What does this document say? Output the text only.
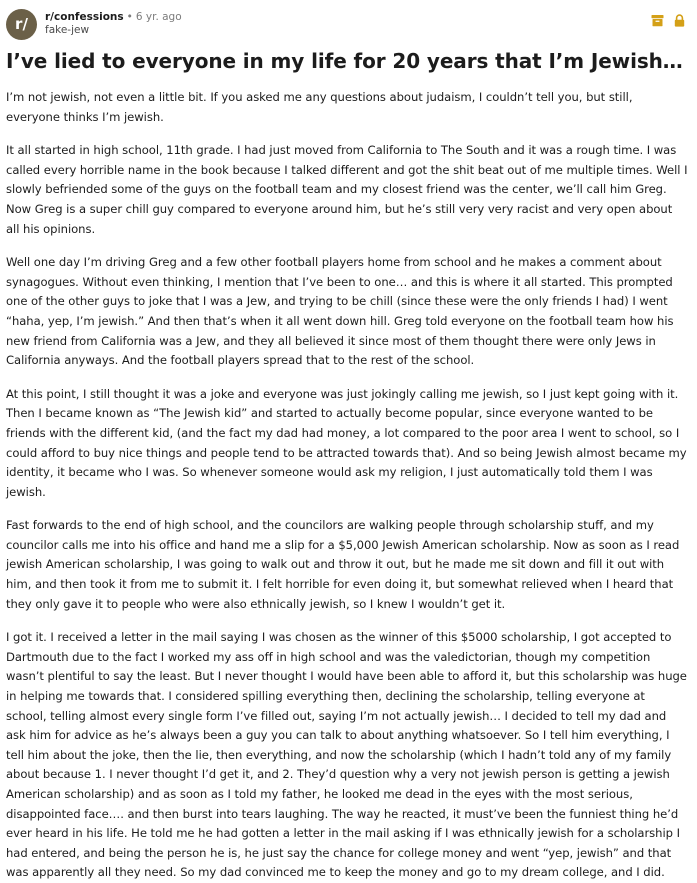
r/	r/confessions • 6 yr. ago
fake-jew
I’ve lied to everyone in my life for 20 years that I’m Jewish…

I’m not jewish, not even a little bit. If you asked me any questions about judaism, I couldn’t tell you, but still, everyone thinks I’m jewish.

It all started in high school, 11th grade. I had just moved from California to The South and it was a rough time. I was called every horrible name in the book because I talked different and got the shit beat out of me multiple times. Well I slowly befriended some of the guys on the football team and my closest friend was the center, we’ll call him Greg. Now Greg is a super chill guy compared to everyone around him, but he’s still very very racist and very open about all his opinions.

Well one day I’m driving Greg and a few other football players home from school and he makes a comment about synagogues. Without even thinking, I mention that I’ve been to one… and this is where it all started. This prompted one of the other guys to joke that I was a Jew, and trying to be chill (since these were the only friends I had) I went “haha, yep, I’m jewish.” And then that’s when it all went down hill. Greg told everyone on the football team how his new friend from California was a Jew, and they all believed it since most of them thought there were only Jews in California anyways. And the football players spread that to the rest of the school.

At this point, I still thought it was a joke and everyone was just jokingly calling me jewish, so I just kept going with it. Then I became known as “The Jewish kid” and started to actually become popular, since everyone wanted to be friends with the different kid, (and the fact my dad had money, a lot compared to the poor area I went to school, so I could afford to buy nice things and people tend to be attracted towards that). And so being Jewish almost became my identity, it became who I was. So whenever someone would ask my religion, I just automatically told them I was jewish.

Fast forwards to the end of high school, and the councilors are walking people through scholarship stuff, and my councilor calls me into his office and hand me a slip for a $5,000 Jewish American scholarship. Now as soon as I read jewish American scholarship, I was going to walk out and throw it out, but he made me sit down and fill it out with him, and then took it from me to submit it. I felt horrible for even doing it, but somewhat relieved when I heard that they only gave it to people who were also ethnically jewish, so I knew I wouldn’t get it.

I got it. I received a letter in the mail saying I was chosen as the winner of this $5000 scholarship, I got accepted to Dartmouth due to the fact I worked my ass off in high school and was the valedictorian, though my competition wasn’t plentiful to say the least. But I never thought I would have been able to afford it, but this scholarship was huge in helping me towards that. I considered spilling everything then, declining the scholarship, telling everyone at school, telling almost every single form I’ve filled out, saying I’m not actually jewish… I decided to tell my dad and ask him for advice as he’s always been a guy you can talk to about anything whatsoever. So I tell him everything, I tell him about the joke, then the lie, then everything, and now the scholarship (which I hadn’t told any of my family about because 1. I never thought I’d get it, and 2. They’d question why a very not jewish person is getting a jewish American scholarship) and as soon as I told my father, he looked me dead in the eyes with the most serious, disappointed face…. and then burst into tears laughing. The way he reacted, it must’ve been the funniest thing he’d ever heard in his life. He told me he had gotten a letter in the mail asking if I was ethnically jewish for a scholarship I had entered, and being the person he is, he just say the chance for college money and went “yep, jewish” and that was apparently all they need. So my dad convinced me to keep the money and go to my dream college, and I did.
